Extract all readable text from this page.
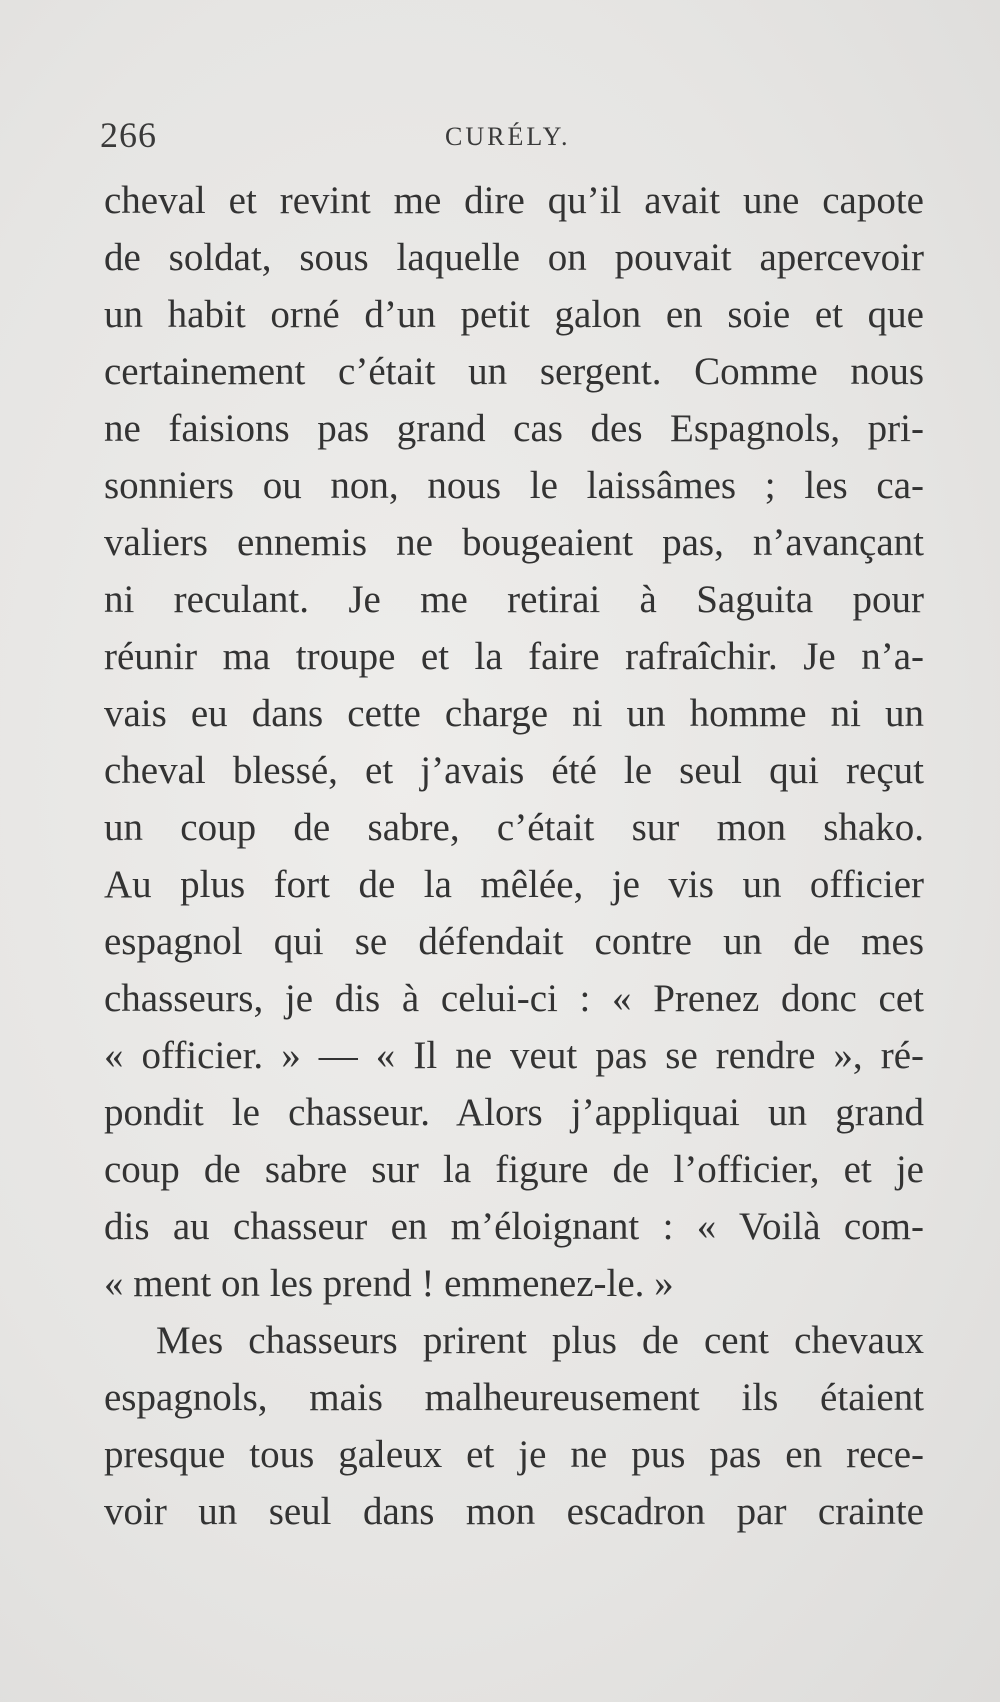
266	CURÉLY.
cheval et revint me dire qu’il avait une capote
de soldat, sous laquelle on pouvait apercevoir
un habit orné d’un petit galon en soie et que
certainement c’était un sergent. Comme nous
ne faisions pas grand cas des Espagnols, pri-
sonniers ou non, nous le laissâmes ; les ca-
valiers ennemis ne bougeaient pas, n’avançant
ni reculant. Je me retirai à Saguita pour
réunir ma troupe et la faire rafraîchir. Je n’a-
vais eu dans cette charge ni un homme ni un
cheval blessé, et j’avais été le seul qui reçut
un coup de sabre, c’était sur mon shako.
Au plus fort de la mêlée, je vis un officier
espagnol qui se défendait contre un de mes
chasseurs, je dis à celui-ci : « Prenez donc cet
« officier. » — « Il ne veut pas se rendre », ré-
pondit le chasseur. Alors j’appliquai un grand
coup de sabre sur la figure de l’officier, et je
dis au chasseur en m’éloignant : « Voilà com-
« ment on les prend ! emmenez-le. »
Mes chasseurs prirent plus de cent chevaux
espagnols, mais malheureusement ils étaient
presque tous galeux et je ne pus pas en rece-
voir un seul dans mon escadron par crainte
